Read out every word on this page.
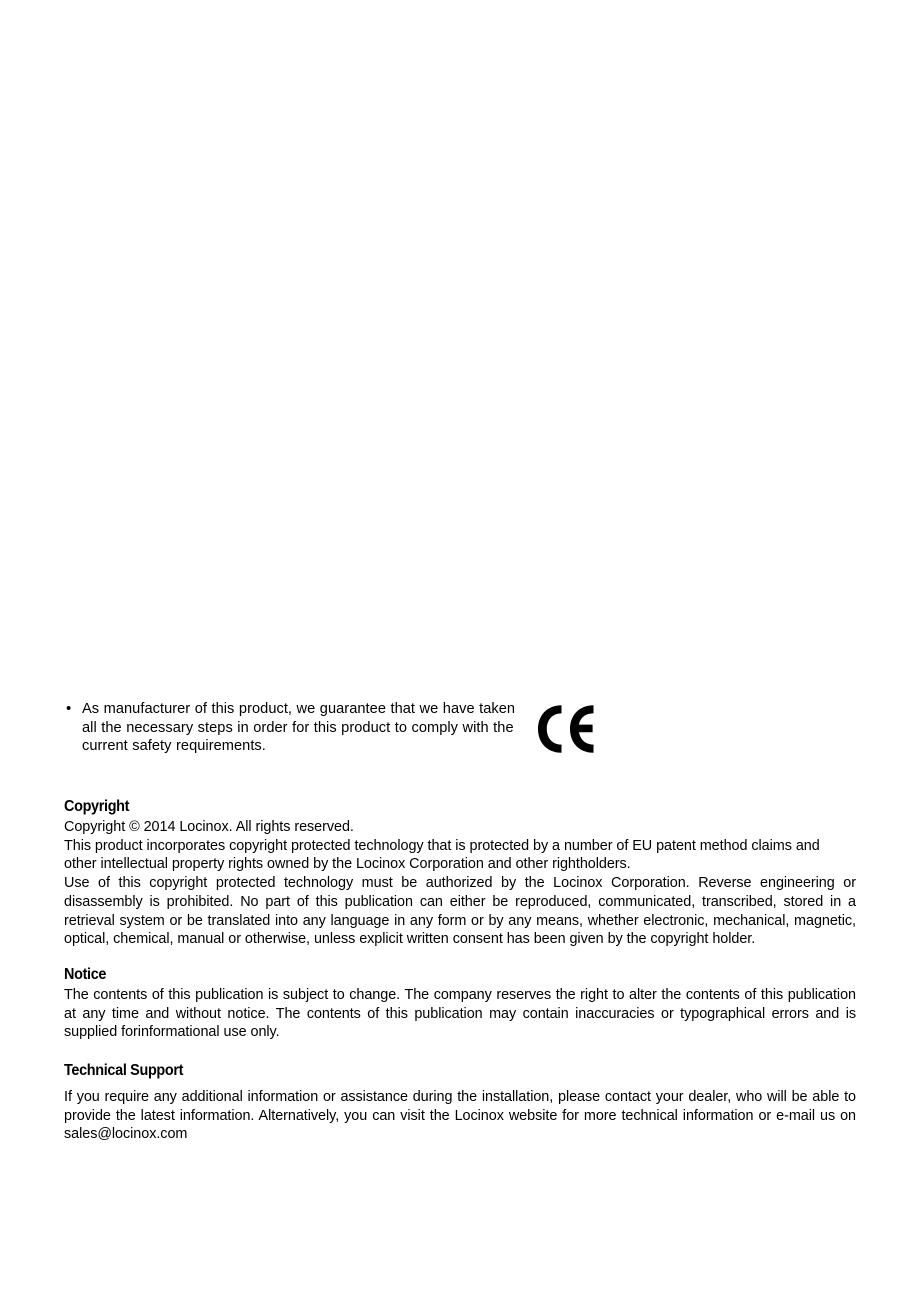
• As manufacturer of this product, we guarantee that we have taken all the necessary steps in order for this product to comply with the current safety requirements.
Copyright

Copyright © 2014 Locinox. All rights reserved.

This product incorporates copyright protected technology that is protected by a number of EU patent method claims and other intellectual property rights owned by the Locinox Corporation and other rightholders.

Use of this copyright protected technology must be authorized by the Locinox Corporation. Reverse engineering or disassembly is prohibited. No part of this publication can either be reproduced, communicated, transcribed, stored in a retrieval system or be translated into any language in any form or by any means, whether electronic, mechanical, magnetic, optical, chemical, manual or otherwise, unless explicit written consent has been given by the copyright holder.

Notice

The contents of this publication is subject to change. The company reserves the right to alter the contents of this publication at any time and without notice. The contents of this publication may contain inaccuracies or typographical errors and is supplied forinformational use only.

Technical Support

If you require any additional information or assistance during the installation, please contact your dealer, who will be able to provide the latest information. Alternatively, you can visit the Locinox website for more technical information or e-mail us on sales@locinox.com
